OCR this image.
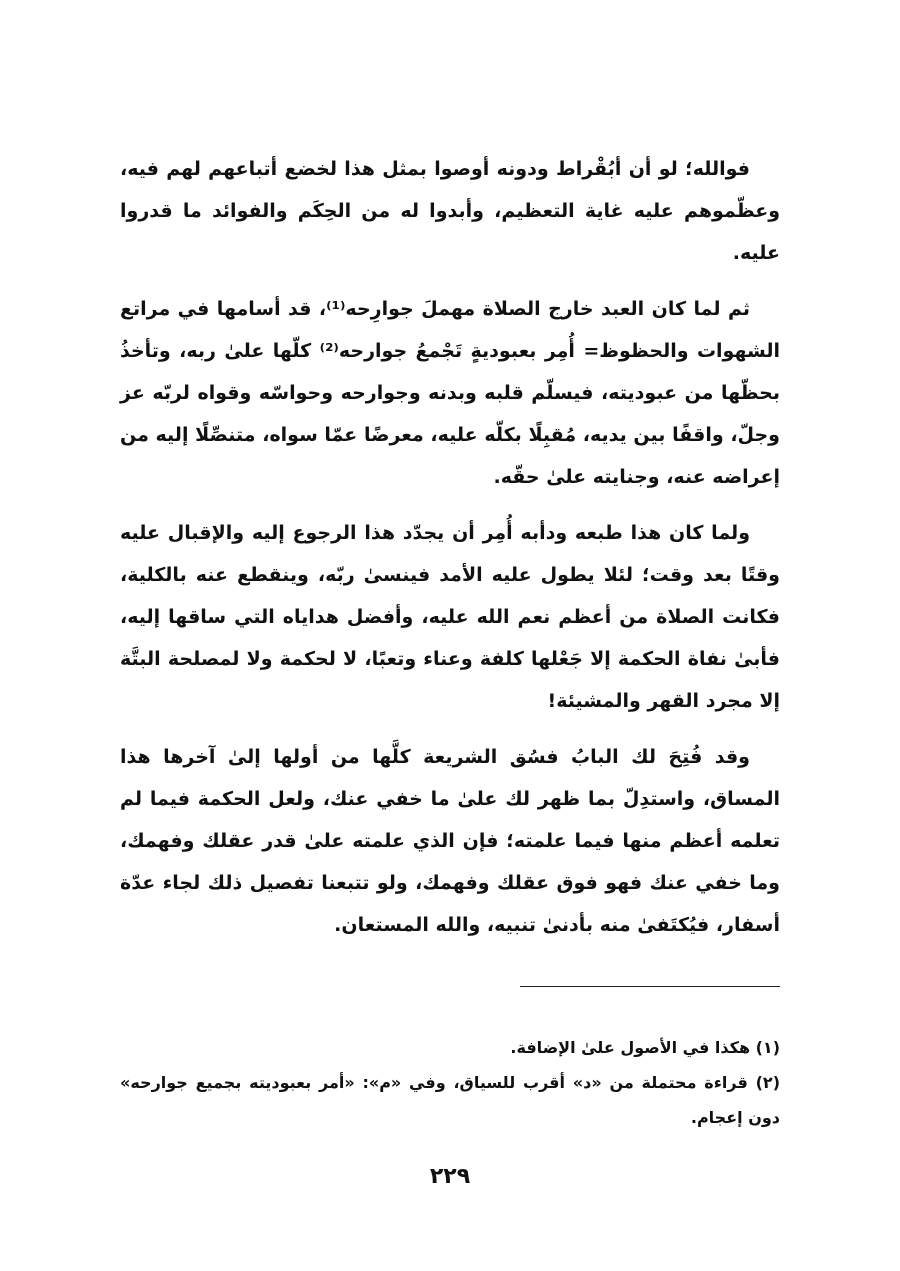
فوالله؛ لو أن أبُقْراط ودونه أوصوا بمثل هذا لخضع أتباعهم لهم فيه، وعظّموهم عليه غاية التعظيم، وأبدوا له من الحِكَم والفوائد ما قدروا عليه.

ثم لما كان العبد خارج الصلاة مهملَ جوارِحه⁽¹⁾، قد أسامها في مراتع الشهوات والحظوظ= أُمِر بعبوديةٍ تَجْمعُ جوارحه⁽²⁾ كلّها علىٰ ربه، وتأخذُ بحظّها من عبوديته، فيسلّم قلبه وبدنه وجوارحه وحواسّه وقواه لربّه عز وجلّ، واقفًا بين يديه، مُقبِلًا بكلّه عليه، معرضًا عمّا سواه، متنصِّلًا إليه من إعراضه عنه، وجنايته علىٰ حقّه.

ولما كان هذا طبعه ودأبه أُمِر أن يجدّد هذا الرجوع إليه والإقبال عليه وقتًا بعد وقت؛ لئلا يطول عليه الأمد فينسىٰ ربّه، وينقطع عنه بالكلية، فكانت الصلاة من أعظم نعم الله عليه، وأفضل هداياه التي ساقها إليه، فأبىٰ نفاة الحكمة إلا جَعْلها كلفة وعناء وتعبًا، لا لحكمة ولا لمصلحة البتَّة إلا مجرد القهر والمشيئة!

وقد فُتِحَ لك البابُ فسُق الشريعة كلَّها من أولها إلىٰ آخرها هذا المساق، واستدِلّ بما ظهر لك علىٰ ما خفي عنك، ولعل الحكمة فيما لم تعلمه أعظم منها فيما علمته؛ فإن الذي علمته علىٰ قدر عقلك وفهمك، وما خفي عنك فهو فوق عقلك وفهمك، ولو تتبعنا تفصيل ذلك لجاء عدّة أسفار، فيُكتَفىٰ منه بأدنىٰ تنبيه، والله المستعان.

(١) هكذا في الأصول علىٰ الإضافة.

(٢) قراءة محتملة من «د» أقرب للسياق، وفي «م»: «أمر بعبوديته بجميع جوارحه» دون إعجام.

٢٢٩
